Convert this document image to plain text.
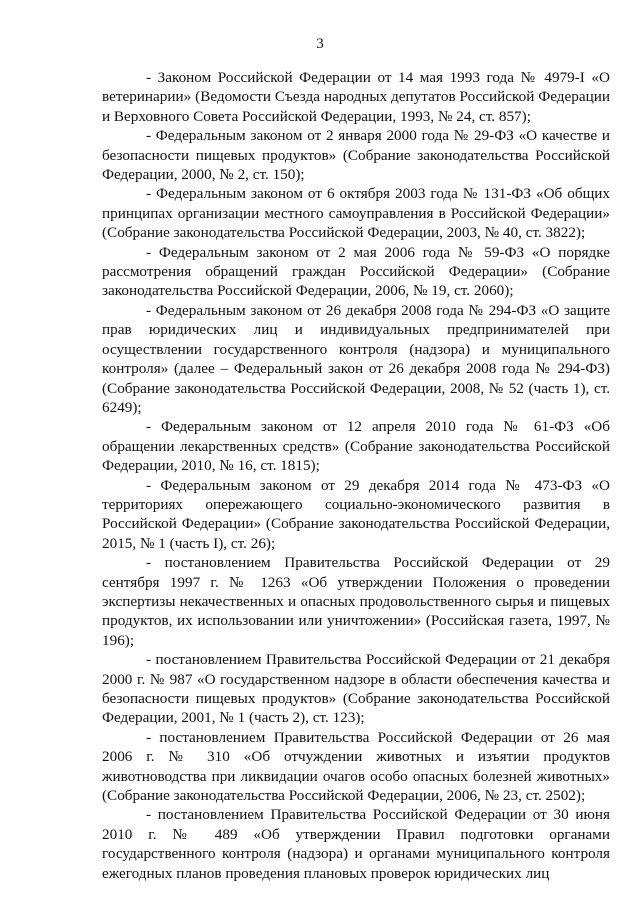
3

- Законом Российской Федерации от 14 мая 1993 года № 4979-I «О ветеринарии» (Ведомости Съезда народных депутатов Российской Федерации и Верховного Совета Российской Федерации, 1993, № 24, ст. 857);

- Федеральным законом от 2 января 2000 года № 29-ФЗ «О качестве и безопасности пищевых продуктов» (Собрание законодательства Российской Федерации, 2000, № 2, ст. 150);

- Федеральным законом от 6 октября 2003 года № 131-ФЗ «Об общих принципах организации местного самоуправления в Российской Федерации» (Собрание законодательства Российской Федерации, 2003, № 40, ст. 3822);

- Федеральным законом от 2 мая 2006 года № 59-ФЗ «О порядке рассмотрения обращений граждан Российской Федерации» (Собрание законодательства Российской Федерации, 2006, № 19, ст. 2060);

- Федеральным законом от 26 декабря 2008 года № 294-ФЗ «О защите прав юридических лиц и индивидуальных предпринимателей при осуществлении государственного контроля (надзора) и муниципального контроля» (далее – Федеральный закон от 26 декабря 2008 года № 294-ФЗ) (Собрание законодательства Российской Федерации, 2008, № 52 (часть 1), ст. 6249);

- Федеральным законом от 12 апреля 2010 года № 61-ФЗ «Об обращении лекарственных средств» (Собрание законодательства Российской Федерации, 2010, № 16, ст. 1815);

- Федеральным законом от 29 декабря 2014 года № 473-ФЗ «О территориях опережающего социально-экономического развития в Российской Федерации» (Собрание законодательства Российской Федерации, 2015, № 1 (часть I), ст. 26);

- постановлением Правительства Российской Федерации от 29 сентября 1997 г. № 1263 «Об утверждении Положения о проведении экспертизы некачественных и опасных продовольственного сырья и пищевых продуктов, их использовании или уничтожении» (Российская газета, 1997, № 196);

- постановлением Правительства Российской Федерации от 21 декабря 2000 г. № 987 «О государственном надзоре в области обеспечения качества и безопасности пищевых продуктов» (Собрание законодательства Российской Федерации, 2001, № 1 (часть 2), ст. 123);

- постановлением Правительства Российской Федерации от 26 мая 2006 г. № 310 «Об отчуждении животных и изъятии продуктов животноводства при ликвидации очагов особо опасных болезней животных» (Собрание законодательства Российской Федерации, 2006, № 23, ст. 2502);

- постановлением Правительства Российской Федерации от 30 июня 2010 г. № 489 «Об утверждении Правил подготовки органами государственного контроля (надзора) и органами муниципального контроля ежегодных планов проведения плановых проверок юридических лиц
